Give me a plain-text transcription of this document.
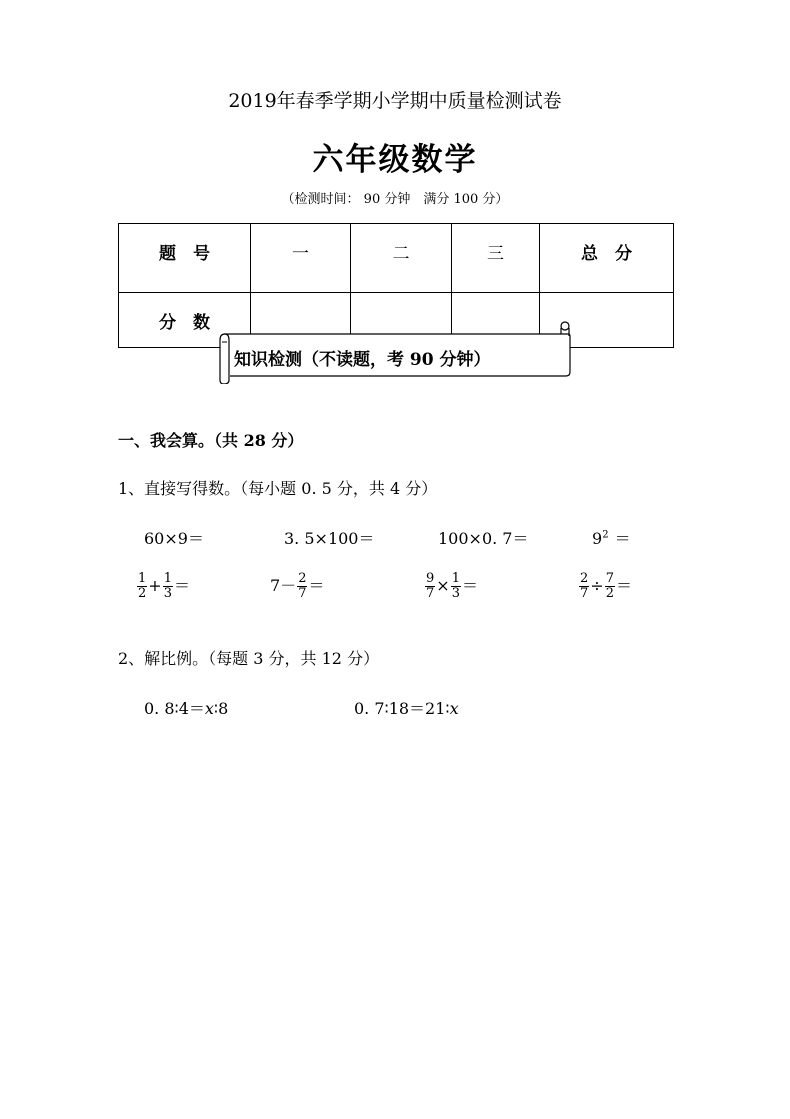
2019年春季学期小学期中质量检测试卷
六年级数学
（检测时间： 90 分钟　满分 100 分）
题　号	一	二	三	总　分
分　数				
知识检测（不读题，考 90 分钟）
一、我会算。（共 28 分）
1、直接写得数。（每小题 0. 5 分，共 4 分）
60×9＝	3. 5×100＝	100×0. 7＝	$9^2$ ＝
$\frac{1}{2} + \frac{1}{3}$ ＝	$7- \frac{2}{7}$ ＝	$\frac{9}{7} \times \frac{1}{3}$ ＝	$\frac{2}{7} \div \frac{7}{2}$ ＝
2、解比例。（每题 3 分，共 12 分）
0. 8∶4＝x∶8	0. 7∶18＝21∶x
